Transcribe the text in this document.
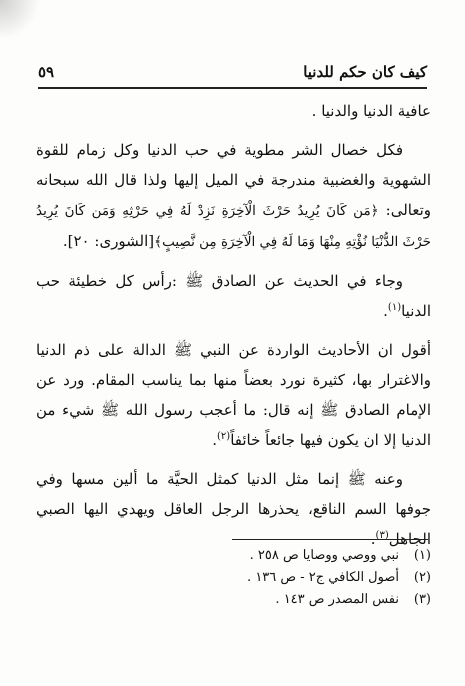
كيف كان حكم للدنيا
٥٩

عافية الدنيا والدنيا .

فكل خصال الشر مطوية في حب الدنيا وكل زمام للقوة الشهوية والغضبية مندرجة في الميل إليها ولذا قال الله سبحانه وتعالى: ﴿مَن كَانَ يُرِيدُ حَرْثَ الْآخِرَةِ نَزِدْ لَهُ فِي حَرْثِهِ وَمَن كَانَ يُرِيدُ حَرْثَ الدُّنْيَا نُؤْتِهِ مِنْهَا وَمَا لَهُ فِي الْآخِرَةِ مِن نَّصِيبٍ﴾[الشورى: ٢٠].

وجاء في الحديث عن الصادق ﷺ :رأس كل خطيئة حب الدنيا$^{(١)}$.

أقول ان الأحاديث الواردة عن النبي ﷺ الدالة على ذم الدنيا والاغترار بها، كثيرة نورد بعضاً منها بما يناسب المقام. ورد عن الإمام الصادق ﷺ إنه قال: ما أعجب رسول الله ﷺ شيء من الدنيا إلا ان يكون فيها جائعاً خائفاً$^{(٢)}$.

وعنه ﷺ إنما مثل الدنيا كمثل الحيَّة ما ألين مسها وفي جوفها السم الناقع، يحذرها الرجل العاقل ويهدي اليها الصبي الجاهل$^{(٣)}$.

(١)نبي ووصي ووصايا ص ٢٥٨ .
(٢)أصول الكافي ج٢ - ص ١٣٦ .
(٣)نفس المصدر ص ١٤٣ .
